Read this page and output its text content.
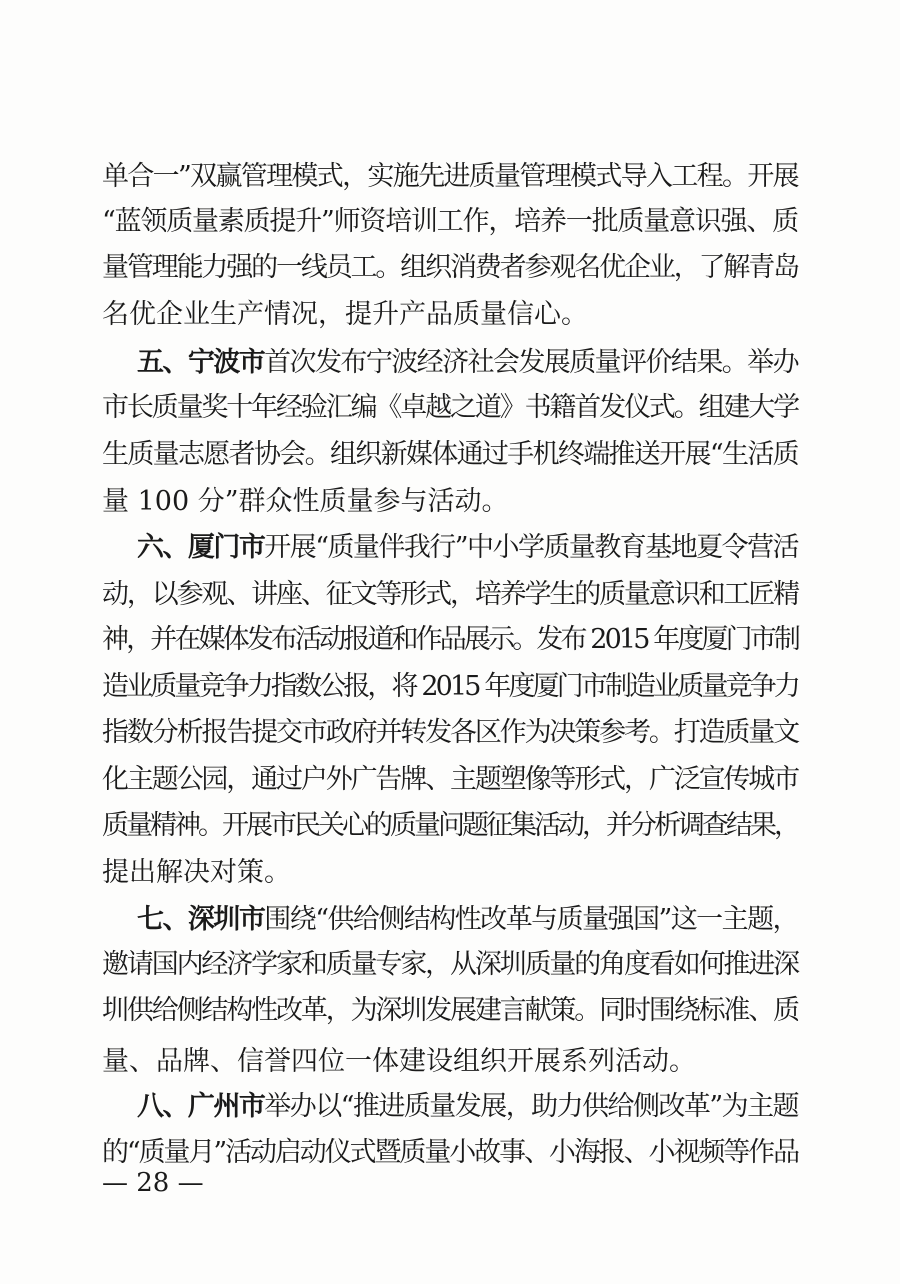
— 28 —
单合一”双赢管理模式，实施先进质量管理模式导入工程。开展
“蓝领质量素质提升”师资培训工作，培养一批质量意识强、质
量管理能力强的一线员工。组织消费者参观名优企业，了解青岛
名优企业生产情况，提升产品质量信心。
五、宁波市 首次发布宁波经济社会发展质量评价结果。举办
市长质量奖十年经验汇编《卓越之道》书籍首发仪式。组建大学
生质量志愿者协会。组织新媒体通过手机终端推送开展“生活质
量 100 分”群众性质量参与活动。
六、厦门市 开展“质量伴我行”中小学质量教育基地夏令营活
动，以参观、讲座、征文等形式，培养学生的质量意识和工匠精
神，并在媒体发布活动报道和作品展示。发布 2015 年度厦门市制
造业质量竞争力指数公报，将 2015 年度厦门市制造业质量竞争力
指数分析报告提交市政府并转发各区作为决策参考。打造质量文
化主题公园，通过户外广告牌、主题塑像等形式，广泛宣传城市
质量精神。开展市民关心的质量问题征集活动，并分析调查结果，
提出解决对策。
七、深圳市 围绕“供给侧结构性改革与质量强国”这一主题，
邀请国内经济学家和质量专家，从深圳质量的角度看如何推进深
圳供给侧结构性改革，为深圳发展建言献策。同时围绕标准、质
量、品牌、信誉四位一体建设组织开展系列活动。
八、广州市 举办以“推进质量发展，助力供给侧改革”为主题
的“质量月”活动启动仪式暨质量小故事、小海报、小视频等作品
